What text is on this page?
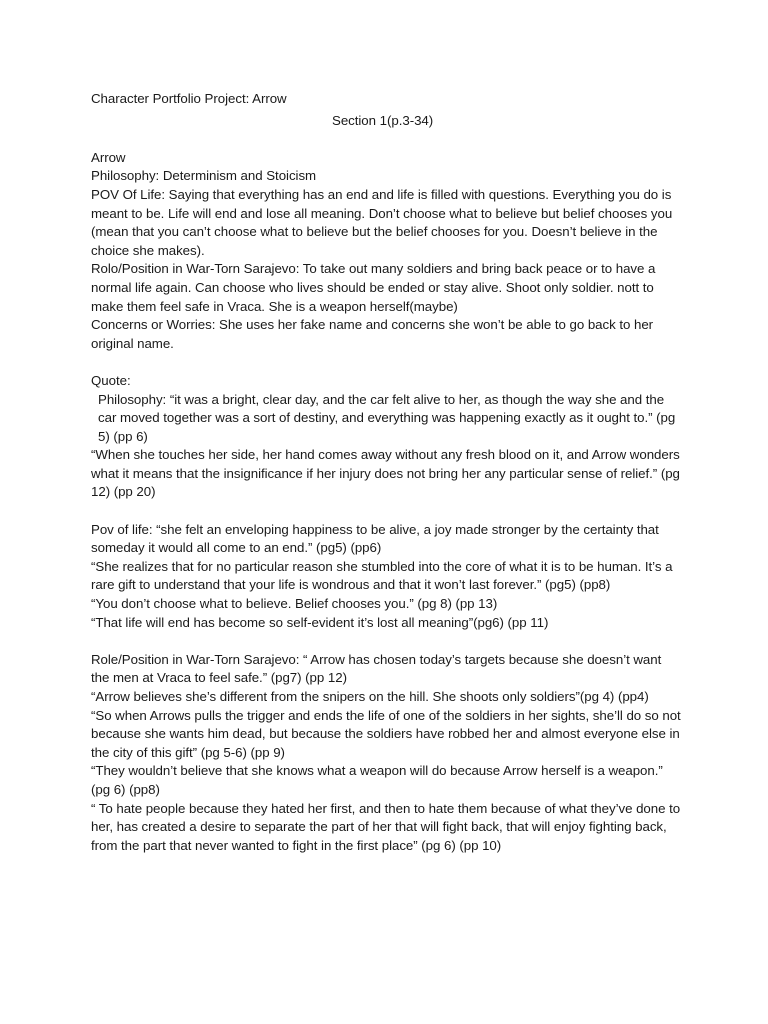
Character Portfolio Project: Arrow
Section 1(p.3-34)
Arrow
Philosophy: Determinism and Stoicism
POV Of Life: Saying that everything has an end and life is filled with questions. Everything you do is meant to be. Life will end and lose all meaning. Don’t choose what to believe but belief chooses you (mean that you can’t choose what to believe but the belief chooses for you. Doesn’t believe in the choice she makes).
Rolo/Position in War-Torn Sarajevo: To take out many soldiers and bring back peace or to have a normal life again. Can choose who lives should be ended or stay alive. Shoot only soldier. nott to make them feel safe in Vraca. She is a weapon herself(maybe)
Concerns or Worries: She uses her fake name and concerns she won’t be able to go back to her original name.
Quote:
Philosophy: “it was a bright, clear day, and the car felt alive to her, as though the way she and the car moved together was a sort of destiny, and everything was happening exactly as it ought to.” (pg 5) (pp 6)
“When she touches her side, her hand comes away without any fresh blood on it, and Arrow wonders what it means that the insignificance if her injury does not bring her any particular sense of relief.” (pg 12) (pp 20)
Pov of life: “she felt an enveloping happiness to be alive, a joy made stronger by the certainty that someday it would all come to an end.” (pg5) (pp6)
“She realizes that for no particular reason she stumbled into the core of what it is to be human. It’s a rare gift to understand that your life is wondrous and that it won’t last forever.” (pg5) (pp8)
“You don’t choose what to believe. Belief chooses you.” (pg 8) (pp 13)
“That life will end has become so self-evident it’s lost all meaning”(pg6) (pp 11)
Role/Position in War-Torn Sarajevo: “ Arrow has chosen today’s targets because she doesn’t want the men at Vraca to feel safe.” (pg7) (pp 12)
“Arrow believes she’s different from the snipers on the hill. She shoots only soldiers”(pg 4) (pp4)
“So when Arrows pulls the trigger and ends the life of one of the soldiers in her sights, she’ll do so not because she wants him dead, but because the soldiers have robbed her and almost everyone else in the city of this gift” (pg 5-6) (pp 9)
“They wouldn’t believe that she knows what a weapon will do because Arrow herself is a weapon.” (pg 6) (pp8)
“ To hate people because they hated her first, and then to hate them because of what they’ve done to her, has created a desire to separate the part of her that will fight back, that will enjoy fighting back, from the part that never wanted to fight in the first place” (pg 6) (pp 10)
